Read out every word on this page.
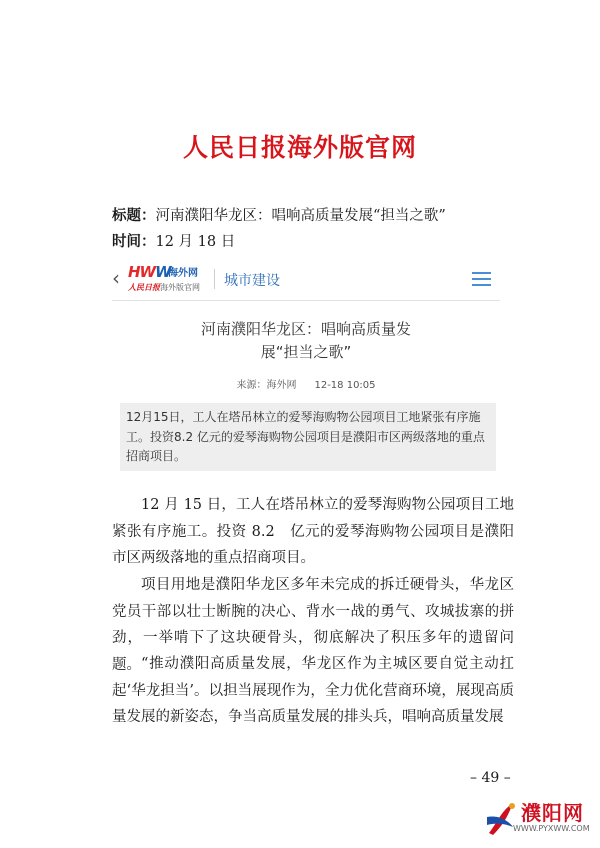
人民日报海外版官网
标题：河南濮阳华龙区：唱响高质量发展“担当之歌”
时间：12 月 18 日
‹ HWW
海外网
人民日报海外版官网 城市建设
河南濮阳华龙区：唱响高质量发
展“担当之歌”
来源：海外网 12-18 10:05

12月15日，工人在塔吊林立的爱琴海购物公园项目工地紧张有序施工。投资8.2 亿元的爱琴海购物公园项目是濮阳市区两级落地的重点招商项目。

12 月 15 日，工人在塔吊林立的爱琴海购物公园项目工地紧张有序施工。投资 8.2　亿元的爱琴海购物公园项目是濮阳市区两级落地的重点招商项目。

项目用地是濮阳华龙区多年未完成的拆迁硬骨头，华龙区党员干部以壮士断腕的决心、背水一战的勇气、攻城拔寨的拼劲，一举啃下了这块硬骨头，彻底解决了积压多年的遗留问题。 “推动濮阳高质量发展，华龙区作为主城区要自觉主动扛起‘华龙担当’。以担当展现作为，全力优化营商环境，展现高质量发展的新姿态，争当高质量发展的排头兵，唱响高质量发展

– 49 –
濮阳网
WWW.PYXWW.COM
